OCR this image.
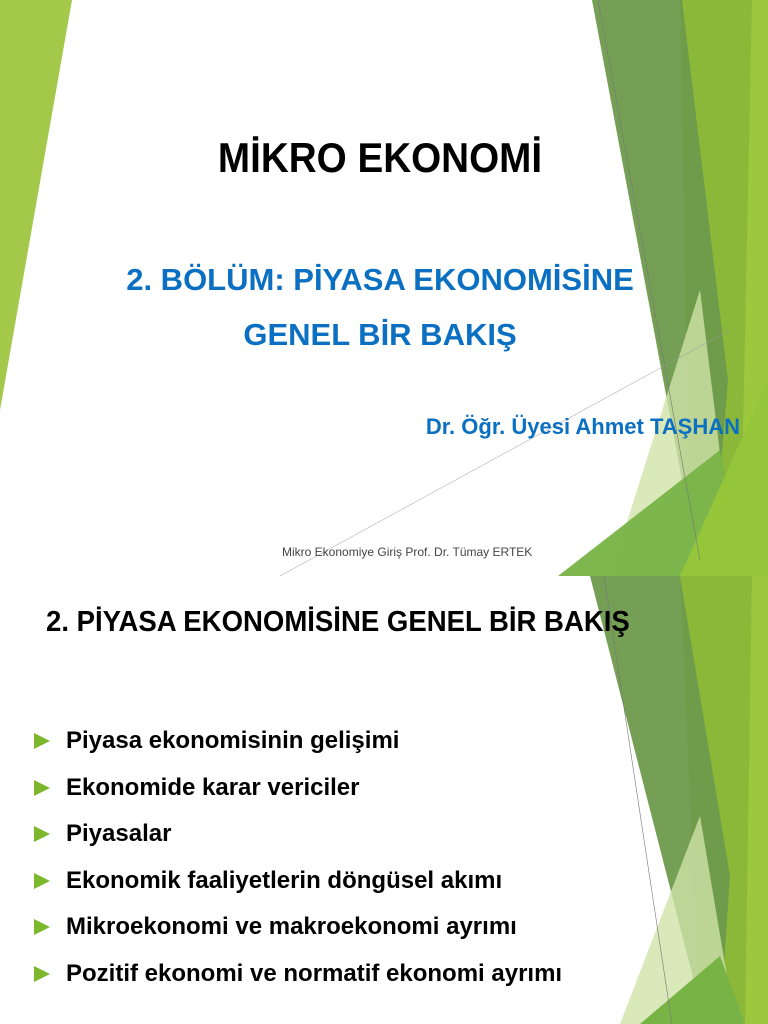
MİKRO EKONOMİ
2. BÖLÜM: PİYASA EKONOMİSİNE
GENEL BİR BAKIŞ
Dr. Öğr. Üyesi Ahmet TAŞHAN
Mikro Ekonomiye Giriş Prof. Dr. Tümay ERTEK
2. PİYASA EKONOMİSİNE GENEL BİR BAKIŞ
Piyasa ekonomisinin gelişimi
Ekonomide karar vericiler
Piyasalar
Ekonomik faaliyetlerin döngüsel akımı
Mikroekonomi ve makroekonomi ayrımı
Pozitif ekonomi ve normatif ekonomi ayrımı
